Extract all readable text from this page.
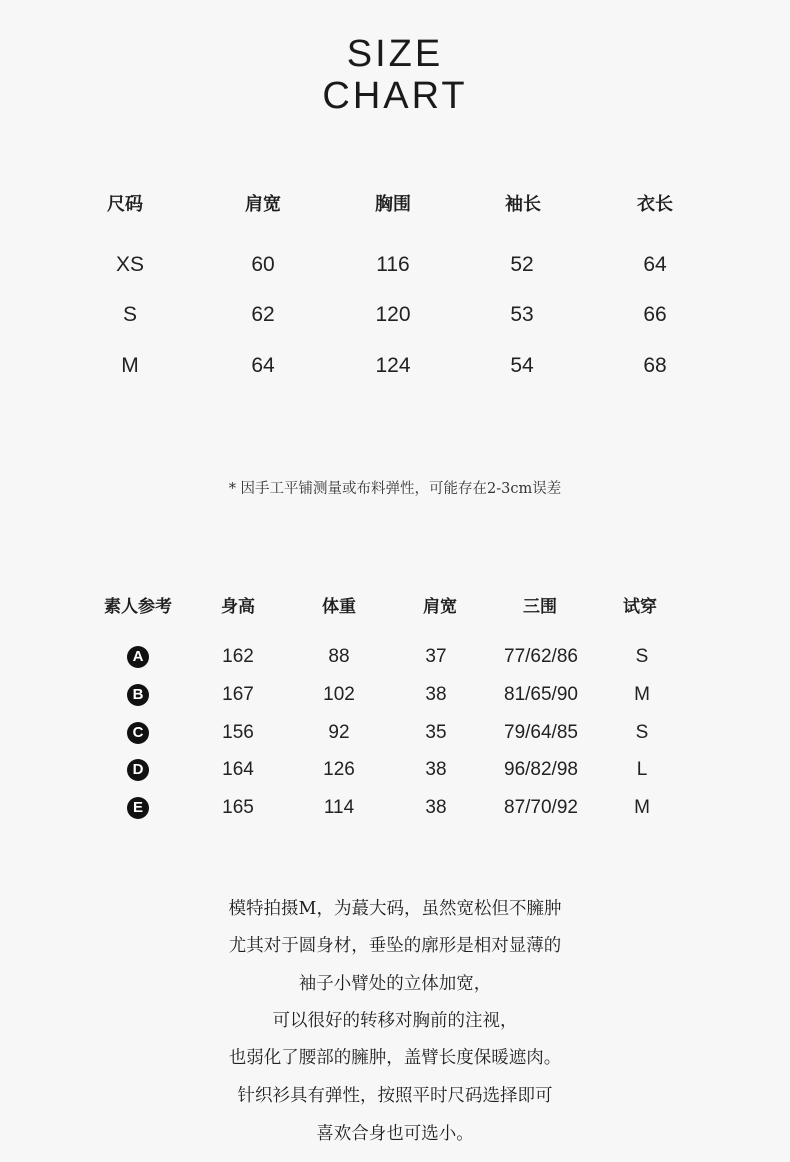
SIZE
CHART
尺码	肩宽	胸围	袖长	衣长
XS	60	116	52	64
S	62	120	53	66
M	64	124	54	68
* 因手工平铺测量或布料弹性，可能存在2-3cm误差
素人参考	身高	体重	肩宽	三围	试穿
A	162	88	37	77/62/86	S
B	167	102	38	81/65/90	M
C	156	92	35	79/64/85	S
D	164	126	38	96/82/98	L
E	165	114	38	87/70/92	M
模特拍摄M，为蕞大码，虽然宽松但不臃肿
尤其对于圆身材，垂坠的廓形是相对显薄的
袖子小臂处的立体加宽，
可以很好的转移对胸前的注视，
也弱化了腰部的臃肿，盖臂长度保暖遮肉。
针织衫具有弹性，按照平时尺码选择即可
喜欢合身也可选小。
